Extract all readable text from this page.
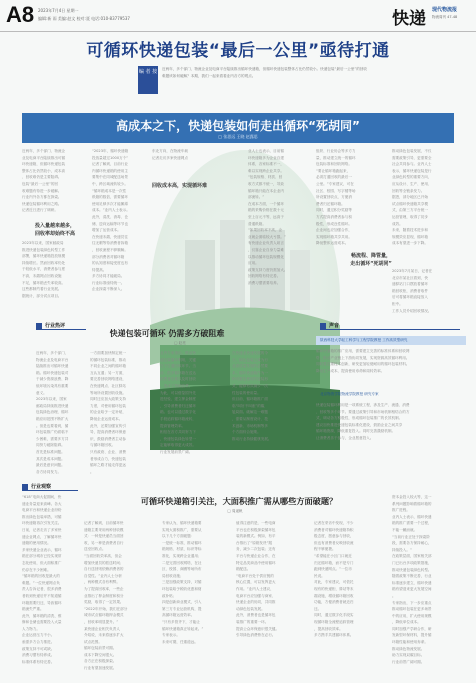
A8 2023年7月4日 星期一
编辑:新 雨 美编:赵文 校对:聂 电话:010-83779537	快递 现代物流报
物流周刊 47-48
可循环快递包装“最后一公里”亟待打通
编 者 按 近两年，多个部门、物流企业及电商平台陆续推出循环快递箱，但循环快递包装整体占比仍然较小。快递包装“最后一公里”的回收难题该如何破解？本期，我们一起来看看业内各方的观点。
高成本之下，快递包装如何走出循环“死胡同”
□ 张思远 王晓 赵露思
近两年，多个部门、物流企
业及电商平台陆续推出可循
环快递箱，但循环快递包装
整体占比仍然较小，成本高
、回收难仍是主要阻碍。
包装“最后一公里”的回
收难题有待进一步破解。
行业内外各方都在探索。
快递包装循环利用之路。
记者近日进行了调研。
投入量越来越多，
回收率却始终不高
2023年以来，国家邮政局
推进快递包装绿色转型工作
部署，循环快递箱投放规模
持续增长。然而回收率仍处
于较低水平，消费者参与度
不高，末端网点回收设施
不足，循环箱丢失率较高。
这些都制约着行业发展。
据统计，部分试点项目。
“2023年，循环快递箱
投放量超过1000万个”
记者了解到，目前行业
内循环快递箱的使用主
要集中在同城配送场景
中，跨区域流转较少。
“循环箱成本是一次性
纸箱的数倍，需要循环
使用足够多次才能摊薄
成本。”业内人士表示。
此外，清洗、消毒、仓
储、逆向运输等环节也
增加了运营成本。
在快递末端，快递员往
往无暇等待消费者拆箱
，回收流程不够顺畅。
部分消费者对循环箱
的认知度和接受度也有
待提高。
多方协同才能破局。
行业标准亟待统一。
企业探索不断深入。
东北方向，在物流车载
记者走访多家快递网点
回收成本高，实现循环难
业人士也表示，目前循
环快递箱多为企业自建
体系，各家标准不一，
难以实现跨企业共享。
“包装规格、材质、回
收方式都不统一，导致
循环箱只能在本企业内
部流转。”
在成本方面，一个循环
箱的采购价格在数十元
至上百元不等，远高于
普通纸箱。
“如果回收率不高，企
业就会面临较大亏损。”
有快递企业负责人坦言
，仅靠企业自身力量难
以推动循环包装规模化
应用。
政策支持力度仍需加大。
回收网络有待完善。
消费习惯需要培养。
组织、行业协会等多方力
量，推动建立统一的循环
包装标准和回收网络。
“要让循环箱跑起来，
必须打通回收的最后一
公里。”专家建议，可在
社区、校园、写字楼等场
所设置回收点，方便消
费者归还循环箱。
同时，通过积分奖励等
方式提高消费者参与积
极性，形成良性循环。
企业间也应加强合作，
实现循环箱共享共用。
降低整体运营成本。
推动绿色包装发展，不仅
需要政策引导，更需要全
社会共同参与。业内人士
表示，循环快递包装是行
业绿色转型的重要方向，
应从设计、生产、使用、
回收等全链条发力。
据悉，部分地区已开始
试点循环快递箱共享模
式，由第三方平台统一
运营管理，取得了初步
成效。
未来，随着技术进步和
规模效应显现，循环箱
成本有望进一步下降。
畅流程、降管量，
走出循环“死胡同”
2023年7月某日，记者在
北京市某社区看到，快
递驿站门口摆放着循环
箱回收柜，消费者取件
后可将循环箱直接放入
柜中。
工作人员介绍回收情况。
行业热评
快递包装可循环 仍需多方破阻难
□ 赵亮
近两年，多个部门、
物流企业及电商平台
陆续推出可循环快递
箱。循环快递包装对
于减少资源浪费、降
低环境污染具有重要
意义。
2023年以来，国家
邮政局持续推进快递
包装绿色治理，循环
箱应用范围不断扩大
。但是也要看到，循
环包装推广仍面临不
少困难，需要多方共
同努力破除阻碍。
首先是标准问题。
其次是成本问题。
最后是意识问题。
各方协同发力。
一方面要加快制定统一
的循环包装标准，推动
不同企业之间的循环箱
互认互通；另一方面，
要完善回收网络建设，
在快递网点、社区驿站
等场所设置回收设施。
同时还应加大政策支持
力度，对使用循环包装
的企业给予一定补贴，
降低企业运营成本。
此外，还要加强宣传引
导，提高消费者环保意
识，鼓励消费者主动参
与循环箱回收。
只有政府、企业、消费
者形成合力，快递包装
循环之路才能走得更远
。
业内专家指出，推动快
递包装循环利用，关键
在于打通回收环节。当
前，很多循环箱在送达
消费者后难以及时回收
，造成了资源浪费。
为此，可以借鉴国外先
进经验，建立押金制度
，引导消费者归还循环
箱。也可以通过数字化
手段追踪循环箱流转，
提高管理效率。
相信在各方共同努力下
，快递包装绿色转型一
定能够取得更大成效。
行业发展前景广阔。
在快递业快速发展的今
天，绿色包装已成为行
业高质量发展的必然要
求。循环快递箱作为一
种可重复使用的包装形
式，能够有效减少一次
性包装的使用量。
但目前，循环箱推广面
临“叫好不叫座”的尴
尬局面。破解这一难题
，需要从制度设计、技
术创新、市场机制等多
个方面综合施策。
推动行业持续健康发展。
声音
陕西科技大学轻工科学与工程学院教授 工作高效型研究
循环快递箱的推广应用，需要建立完善的标准体系和回收网
络，推动产业链上下游协同发展，实现资源高效循环利用。
同时要注重技术创新，研发更加轻便耐用的循环包装材料。
降低生产成本，提高使用寿命和周转效率。
北京物资学院物流学院教授 研究专家
快递包装循环利用是一项系统工程，涉及生产、流通、消费
、回收等多个环节。要通过政策引导和市场机制相结合的方
式，调动各方积极性，形成循环包装推广的长效机制。
建议加快推进快递包装标准化建设，鼓励企业之间共享
循环箱资源，降低重复投入。同时完善激励机制。
让消费者乐于参与，企业愿意投入。
行业观察
可循环快递箱引关注，大面积推广需从哪些方面破题？
□ 周遥帆
“618”电商大促期间，快
递业务量迎来高峰。各大
电商平台和快递企业纷纷
推出绿色包装举措，可循
环快递箱再次引发关注。
日前，记者走访了多家快
递企业网点，了解循环快
递箱的使用情况。
多家快递企业表示，循环
箱在部分城市已经实现常
态化使用，但大面积推广
仍存在不少困难。
“循环箱的回收是最大的
难题。”一位快递网点负
责人告诉记者，很多消费
者收到快递后并不知道循
环箱需要归还，导致循环
箱流失严重。
此外，循环箱的清洗、维
修和仓储也需要投入大量
人力物力。
企业运营压力不小。
亟需多方合力推进。
政策支持不可或缺。
消费习惯有待养成。
标准体系有待完善。
记者了解到，目前循环快
递箱主要采用两种回收模
式：一种是快递员当面回
收，另一种是消费者自行
送至回收点。
“当面回收效率高，但会
增加快递员的派送时间；
自行送回则依赖消费者的
自觉性。”业内人士分析
，两种模式各有利弊。
为了提高回收率，一些企
业推出了押金制度和积分
奖励，取得了一定效果。
“2022年开始，我们在部分
城市试点循环箱押金模式
，回收率明显提升。”
某快递企业相关负责人
介绍说，未来将逐步扩大
试点范围。
循环包装前景可期。
成本下降空间很大。
各方正在积极探索。
行业有望加速发展。
专家认为，循环快递箱要
实现大面积推广，需要从
以下几个方面破题：
一是统一标准，推动循环
箱规格、材质、标识等标
准化，实现跨企业通用；
二是完善回收网络，在社
区、校园、商圈等场所布
局回收设施；
三是加强政策支持，对循
环包装给予税收优惠和财
政补贴；
四是创新商业模式，引入
第三方专业运营机构，提
高循环箱运营效率。
“只有多管齐下，才能让
循环快递箱真正转起来。”
专家表示。
未来可期，任重道远。
值得注意的是，一些电商
平台也在积极探索循环包
装的新模式。例如，有平
台推出了“原箱发货”服
务，减少二次包装；还有
平台与快递企业合作，在
特定品类商品中使用循环
箱配送。
“电商平台处于供应链的
核心位置，可以发挥更大
作用。”业内人士建议，
电商平台应加强与商家、
快递企业的协同，共同推
动绿色包装发展。
此外，消费者也是循环包
装推广的重要一环。
提高公众环保意识很关键。
引导绿色消费势在必行。
记者在采访中发现，不少
消费者对循环快递箱持积
极态度，愿意参与回收，
但也有消费者反映回收流
程不够便捷。
“希望能在小区门口就近
归还循环箱，而不是专门
跑到快递网点。”一位市
民说。
对此，专家建议，可依托
现有的快递柜、驿站等末
端设施，增设循环箱回收
功能，方便消费者就近归
还。
同时，通过数字化手段实
现循环箱全流程追踪管理
，提高回收效率。
多方携手共建循环体系。
资本金投入较大等，这一
系列问题影响着循环箱的
推广进程。
业内人士表示，循环快递
箱的推广需要一个过程，
不能一蹴而就。
“当前行业正处于探索阶
段，需要各方保持耐心，
持续投入。”
在政策层面，国家相关部
门已出台多项政策措施，
推动快递包装绿色转型。
随着政策不断完善，行业
标准逐步建立，循环快递
箱有望迎来更大发展空间
。
专家指出，下一步应重点
推动循环包装在更多场景
中的应用，扩大使用规模
，降低单位成本。
同时加强产学研合作，研
发新型环保材料，提升循
环箱性能和使用寿命。
推动绿色物流发展。
助力实现双碳目标。
行业前景广阔可期。
